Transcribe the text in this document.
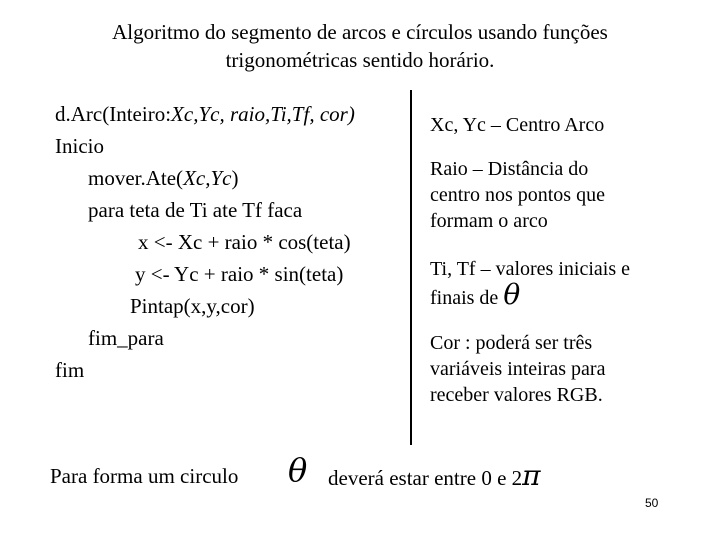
Algoritmo do segmento de arcos e círculos usando funções
trigonométricas sentido horário.
d.Arc(Inteiro:Xc,Yc, raio,Ti,Tf, cor)
Inicio
mover.Ate(Xc,Yc)
para teta de Ti ate Tf faca
x <- Xc + raio * cos(teta)
y <- Yc + raio * sin(teta)
Pintap(x,y,cor)
fim_para
fim
Xc, Yc – Centro Arco
Raio – Distância do
centro nos pontos que
formam o arco
Ti, Tf – valores iniciais e
finais de θ
Cor : poderá ser três
variáveis inteiras para
receber valores RGB.
Para forma um circulo θ deverá estar entre 0 e 2π
50
